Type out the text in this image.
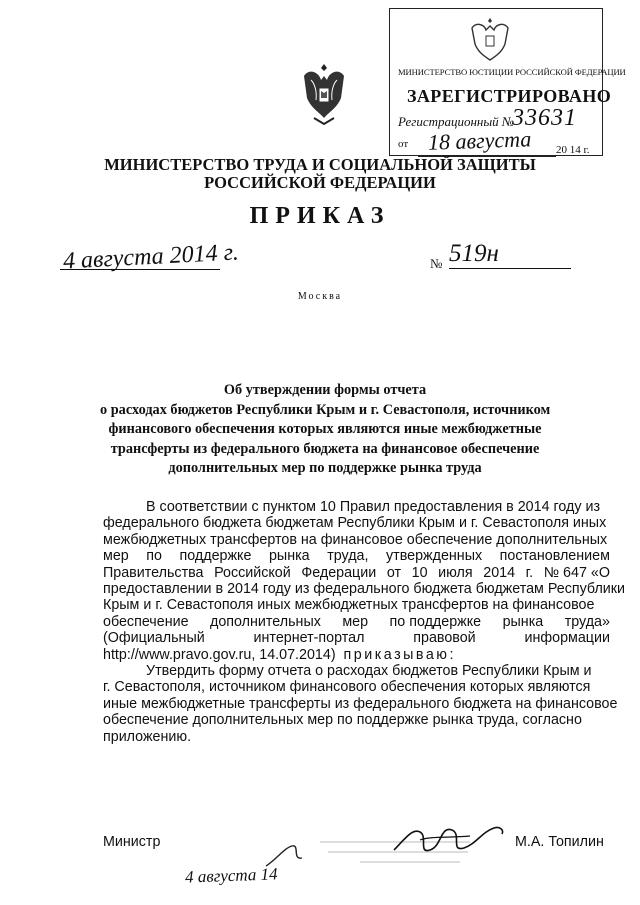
МИНИСТЕРСТВО ЮСТИЦИИ РОССИЙСКОЙ ФЕДЕРАЦИИ
ЗАРЕГИСТРИРОВАНО
Регистрационный №
33631
от 18 августа 20 14 г.
МИНИСТЕРСТВО ТРУДА И СОЦИАЛЬНОЙ ЗАЩИТЫ
РОССИЙСКОЙ ФЕДЕРАЦИИ
ПРИКАЗ
4 августа 2014 г.	№ 519н
Москва
Об утверждении формы отчета
о расходах бюджетов Республики Крым и г. Севастополя, источником
финансового обеспечения которых являются иные межбюджетные
трансферты из федерального бюджета на финансовое обеспечение
дополнительных мер по поддержке рынка труда
В соответствии с пунктом 10 Правил предоставления в 2014 году из
федерального бюджета бюджетам Республики Крым и г. Севастополя иных
межбюджетных трансфертов на финансовое обеспечение дополнительных
мер по поддержке рынка труда, утвержденных постановлением
Правительства Российской Федерации от 10 июля 2014 г. № 647 «О
предоставлении в 2014 году из федерального бюджета бюджетам Республики
Крым и г. Севастополя иных межбюджетных трансфертов на финансовое
обеспечение дополнительных мер по поддержке рынка труда»
(Официальный	интернет-портал	правовой	информации
http://www.pravo.gov.ru, 14.07.2014)  приказываю:
Утвердить форму отчета о расходах бюджетов Республики Крым и
г. Севастополя, источником финансового обеспечения которых являются
иные межбюджетные трансферты из федерального бюджета на финансовое
обеспечение дополнительных мер по поддержке рынка труда, согласно
приложению.
Министр	М.А. Топилин
4 августа 14
